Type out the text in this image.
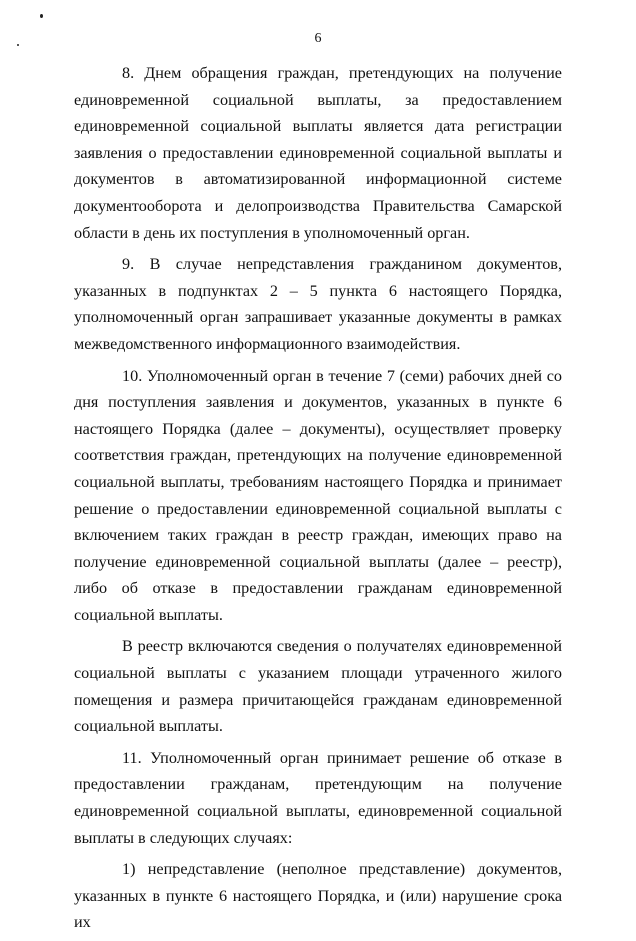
6

8. Днем обращения граждан, претендующих на получение единовременной социальной выплаты, за предоставлением единовременной социальной выплаты является дата регистрации заявления о предоставлении единовременной социальной выплаты и документов в автоматизированной информационной системе документооборота и делопроизводства Правительства Самарской области в день их поступления в уполномоченный орган.

9. В случае непредставления гражданином документов, указанных в подпунктах 2 – 5 пункта 6 настоящего Порядка, уполномоченный орган запрашивает указанные документы в рамках межведомственного информационного взаимодействия.

10. Уполномоченный орган в течение 7 (семи) рабочих дней со дня поступления заявления и документов, указанных в пункте 6 настоящего Порядка (далее – документы), осуществляет проверку соответствия граждан, претендующих на получение единовременной социальной выплаты, требованиям настоящего Порядка и принимает решение о предоставлении единовременной социальной выплаты с включением таких граждан в реестр граждан, имеющих право на получение единовременной социальной выплаты (далее – реестр), либо об отказе в предоставлении гражданам единовременной социальной выплаты.

В реестр включаются сведения о получателях единовременной социальной выплаты с указанием площади утраченного жилого помещения и размера причитающейся гражданам единовременной социальной выплаты.

11. Уполномоченный орган принимает решение об отказе в предоставлении гражданам, претендующим на получение единовременной социальной выплаты, единовременной социальной выплаты в следующих случаях:

1) непредставление (неполное представление) документов, указанных в пункте 6 настоящего Порядка, и (или) нарушение срока их
